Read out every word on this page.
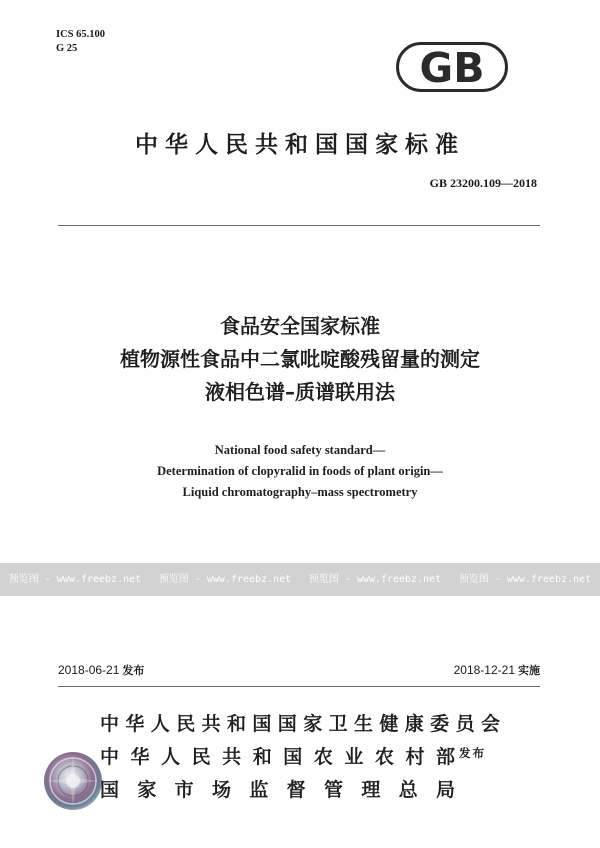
ICS 65.100
G 25	GB
中华人民共和国国家标准
GB 23200.109—2018
食品安全国家标准
植物源性食品中二氯吡啶酸残留量的测定
液相色谱–质谱联用法
National food safety standard—
Determination of clopyralid in foods of plant origin—
Liquid chromatography–mass spectrometry
预览图 - www.freebz.net 预览图 - www.freebz.net 预览图 - www.freebz.net 预览图 - www.freebz.net
2018-06-21 发布	2018-12-21 实施
中华人民共和国国家卫生健康委员会
中华人民共和国农业农村部
国家市场监督管理总局
发布
